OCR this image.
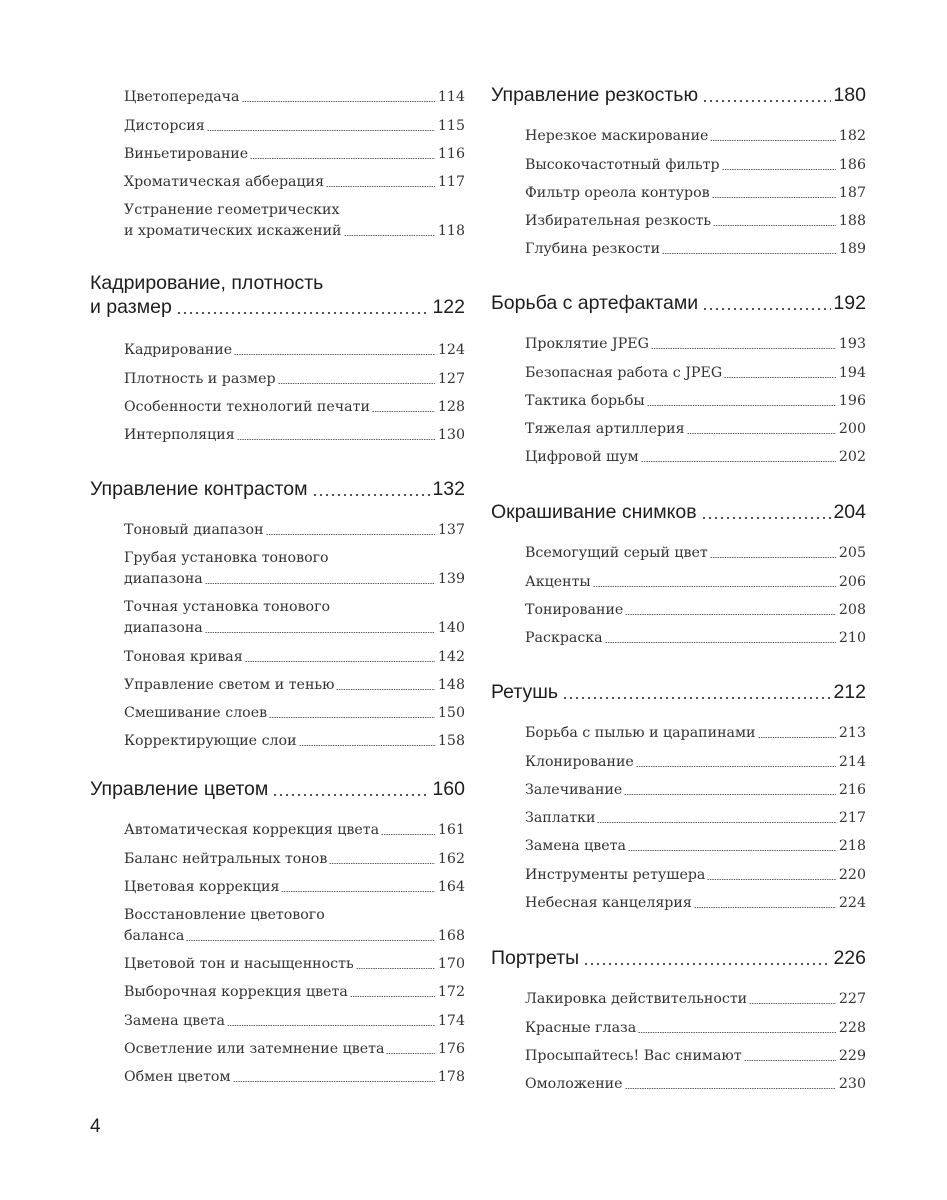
Цветопередача	114
Дисторсия	115
Виньетирование	116
Хроматическая абберация	117
Устранение геометрических
и хроматических искажений	118
Кадрирование, плотность
и размер	122
Кадрирование	124
Плотность и размер	127
Особенности технологий печати	128
Интерполяция	130
Управление контрастом	132
Тоновый диапазон	137
Грубая установка тонового
диапазона	139
Точная установка тонового
диапазона	140
Тоновая кривая	142
Управление светом и тенью	148
Смешивание слоев	150
Корректирующие слои	158
Управление цветом	160
Автоматическая коррекция цвета	161
Баланс нейтральных тонов	162
Цветовая коррекция	164
Восстановление цветового
баланса	168
Цветовой тон и насыщенность	170
Выборочная коррекция цвета	172
Замена цвета	174
Осветление или затемнение цвета	176
Обмен цветом	178
Управление резкостью	180
Нерезкое маскирование	182
Высокочастотный фильтр	186
Фильтр ореола контуров	187
Избирательная резкость	188
Глубина резкости	189
Борьба с артефактами	192
Проклятие JPEG	193
Безопасная работа с JPEG	194
Тактика борьбы	196
Тяжелая артиллерия	200
Цифровой шум	202
Окрашивание снимков	204
Всемогущий серый цвет	205
Акценты	206
Тонирование	208
Раскраска	210
Ретушь	212
Борьба с пылью и царапинами	213
Клонирование	214
Залечивание	216
Заплатки	217
Замена цвета	218
Инструменты ретушера	220
Небесная канцелярия	224
Портреты	226
Лакировка действительности	227
Красные глаза	228
Просыпайтесь! Вас снимают	229
Омоложение	230
4
